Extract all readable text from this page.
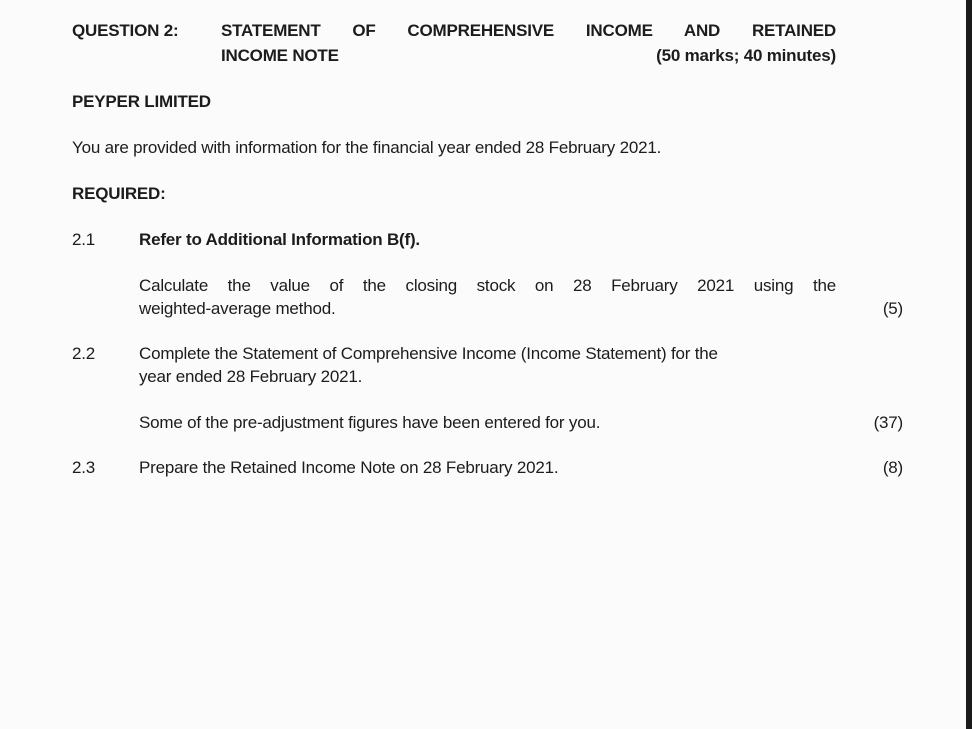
QUESTION 2:	STATEMENT OF COMPREHENSIVE INCOME AND RETAINED
INCOME NOTE	(50 marks; 40 minutes)
PEYPER LIMITED
You are provided with information for the financial year ended 28 February 2021.
REQUIRED:
2.1	Refer to Additional Information B(f).
Calculate the value of the closing stock on 28 February 2021 using the
weighted-average method.	(5)
2.2	Complete the Statement of Comprehensive Income (Income Statement) for the
year ended 28 February 2021.
Some of the pre-adjustment figures have been entered for you.	(37)
2.3	Prepare the Retained Income Note on 28 February 2021.	(8)
